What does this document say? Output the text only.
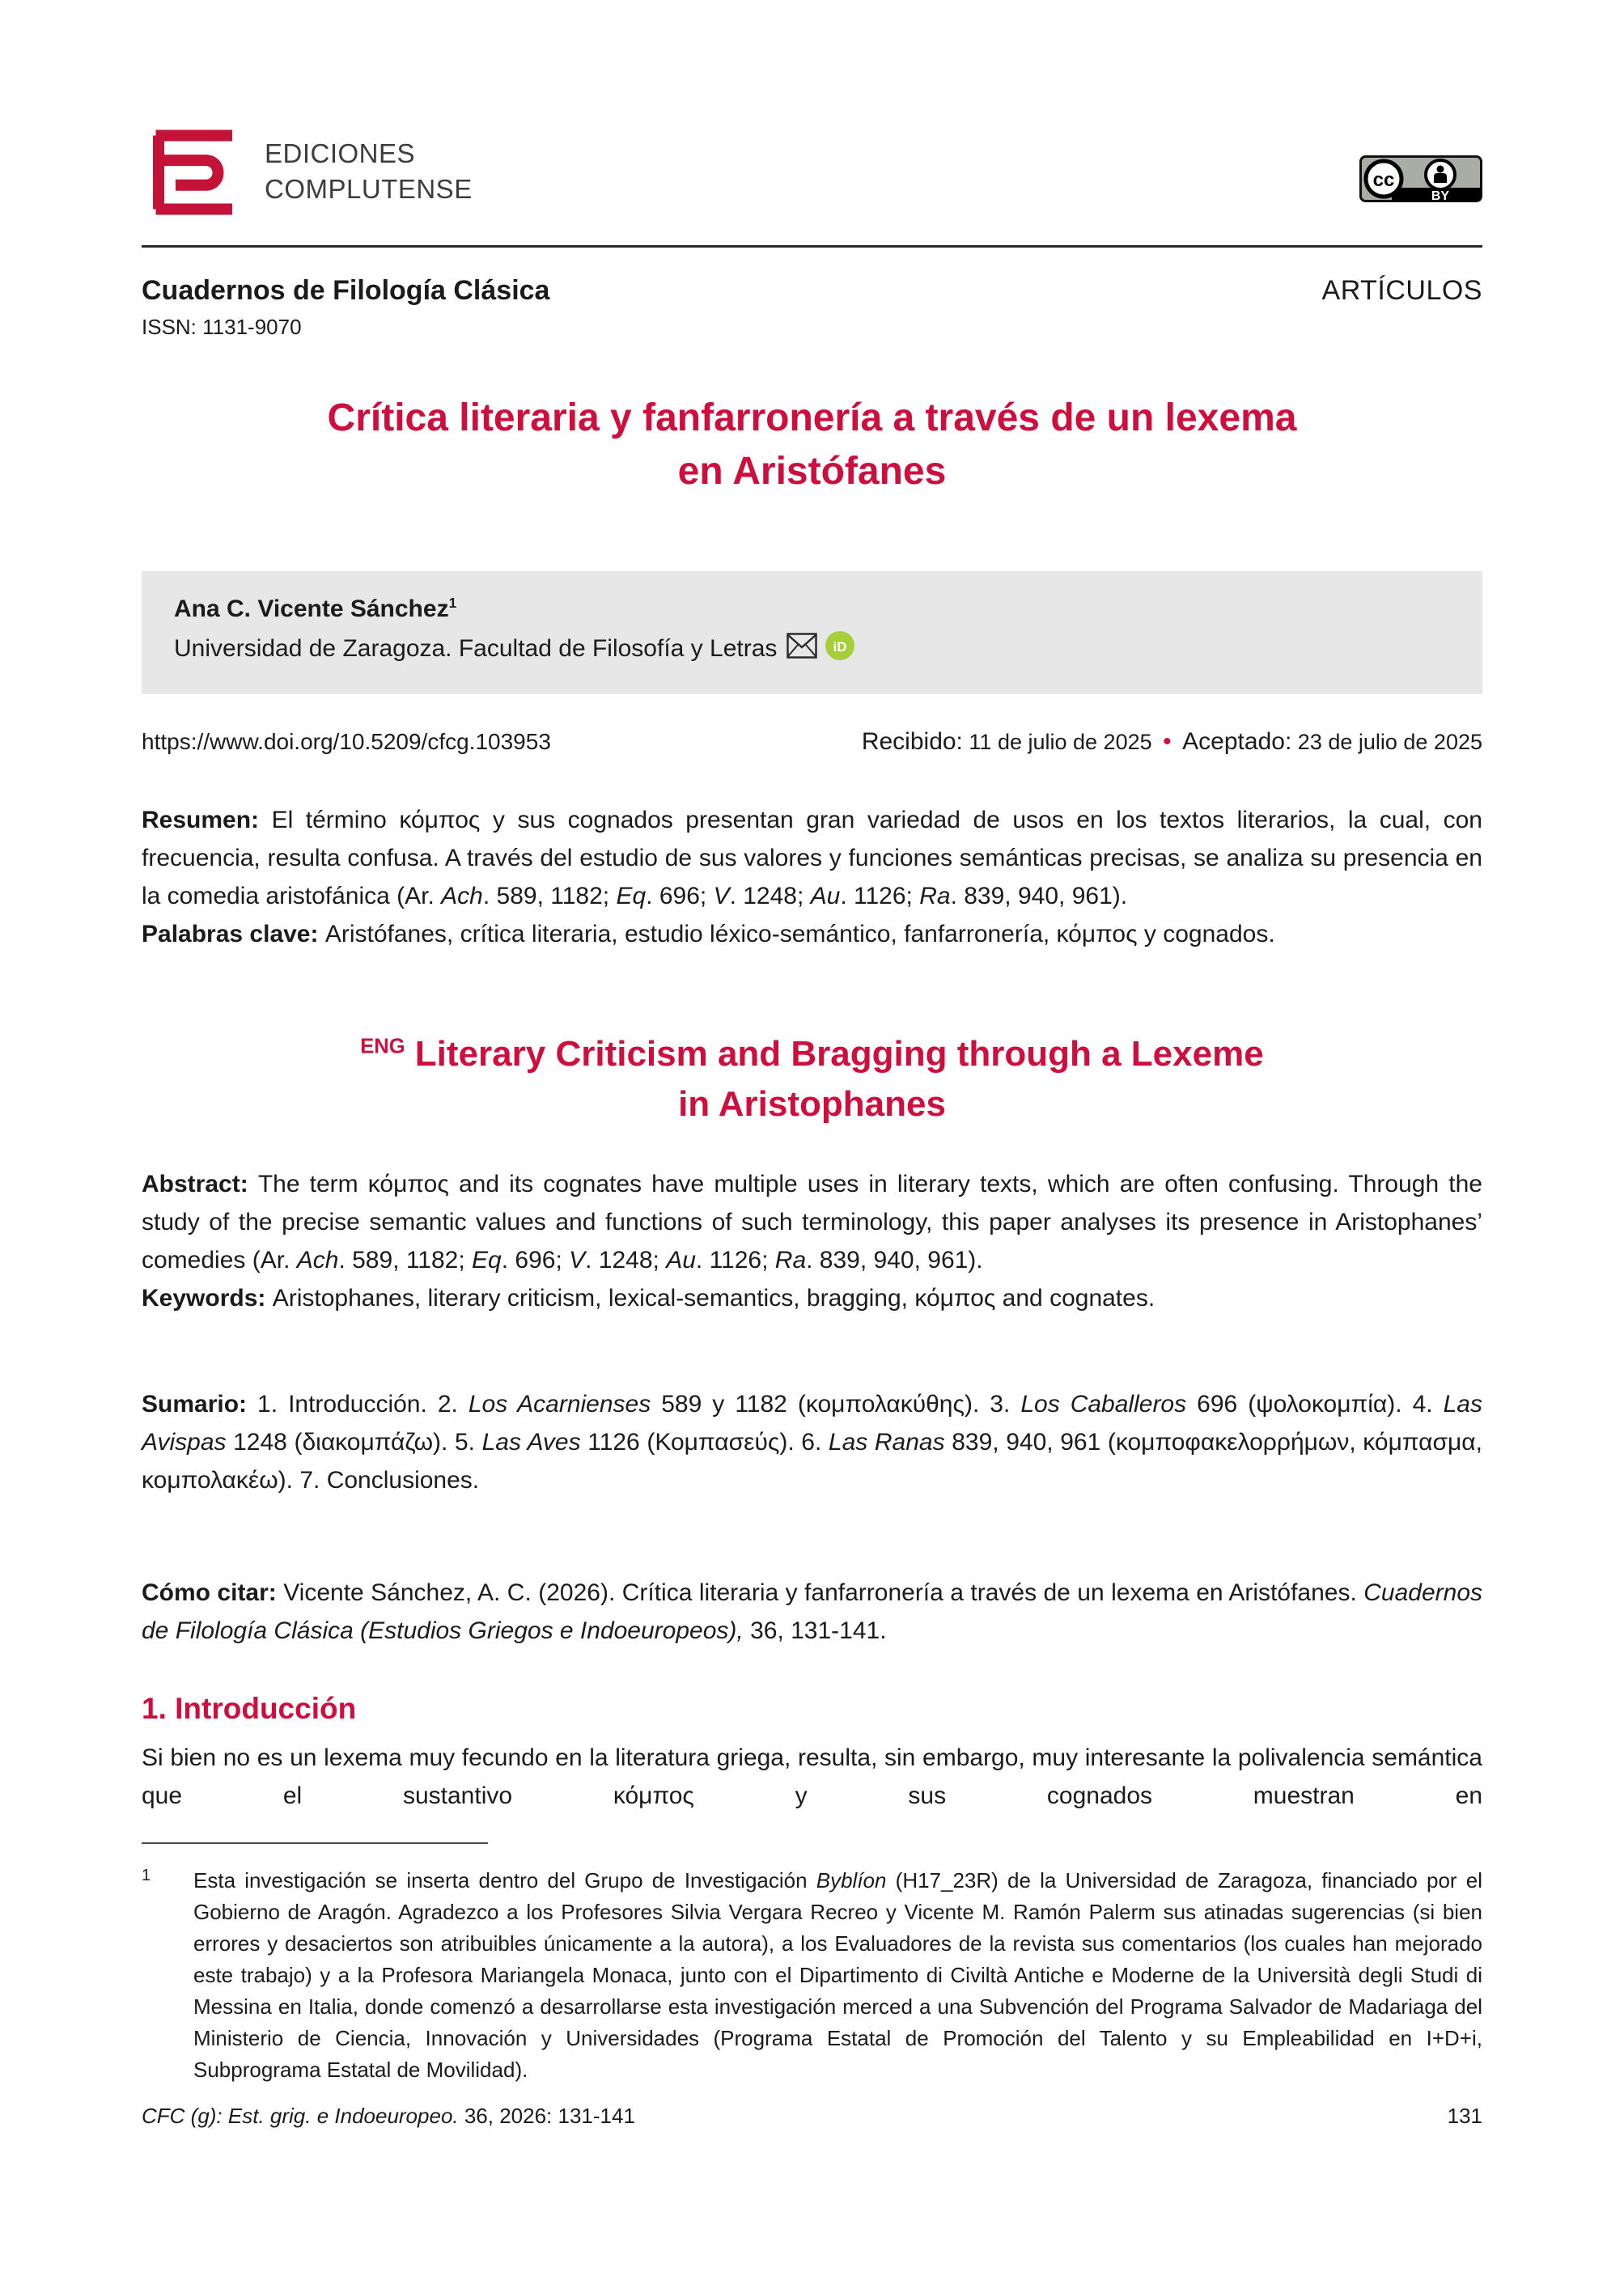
EDICIONES
COMPLUTENSE	cc
BY
Cuadernos de Filología Clásica	ARTÍCULOS
ISSN: 1131-9070
Crítica literaria y fanfarronería a través de un lexema
en Aristófanes
Ana C. Vicente Sánchez$^1$
Universidad de Zaragoza. Facultad de Filosofía y Letras	iD
https://www.doi.org/10.5209/cfcg.103953	Recibido: 11 de julio de 2025 • Aceptado: 23 de julio de 2025

Resumen: El término κόμπος y sus cognados presentan gran variedad de usos en los textos literarios, la cual, con frecuencia, resulta confusa. A través del estudio de sus valores y funciones semánticas precisas, se analiza su presencia en la comedia aristofánica (Ar. Ach. 589, 1182; Eq. 696; V. 1248; Au. 1126; Ra. 839, 940, 961).

Palabras clave: Aristófanes, crítica literaria, estudio léxico-semántico, fanfarronería, κόμπος y cognados.

$^{ENG}$ Literary Criticism and Bragging through a Lexeme
in Aristophanes

Abstract: The term κόμπος and its cognates have multiple uses in literary texts, which are often confusing. Through the study of the precise semantic values and functions of such terminology, this paper analyses its presence in Aristophanes’ comedies (Ar. Ach. 589, 1182; Eq. 696; V. 1248; Au. 1126; Ra. 839, 940, 961).

Keywords: Aristophanes, literary criticism, lexical-semantics, bragging, κόμπος and cognates.

Sumario: 1. Introducción. 2. Los Acarnienses 589 y 1182 (κομπολακύθης). 3. Los Caballeros 696 (ψολοκομπία). 4. Las Avispas 1248 (διακομπάζω). 5. Las Aves 1126 (Κομπασεύς). 6. Las Ranas 839, 940, 961 (κομποφακελορρήμων, κόμπασμα, κομπολακέω). 7. Conclusiones.

Cómo citar: Vicente Sánchez, A. C. (2026). Crítica literaria y fanfarronería a través de un lexema en Aristófanes. Cuadernos de Filología Clásica (Estudios Griegos e Indoeuropeos), 36, 131-141.

1. Introducción

Si bien no es un lexema muy fecundo en la literatura griega, resulta, sin embargo, muy interesante la polivalencia semántica que el sustantivo κόμπος y sus cognados muestran en

1	Esta investigación se inserta dentro del Grupo de Investigación Byblíon (H17_23R) de la Universidad de Zaragoza, financiado por el Gobierno de Aragón. Agradezco a los Profesores Silvia Vergara Recreo y Vicente M. Ramón Palerm sus atinadas sugerencias (si bien errores y desaciertos son atribuibles únicamente a la autora), a los Evaluadores de la revista sus comentarios (los cuales han mejorado este trabajo) y a la Profesora Mariangela Monaca, junto con el Dipartimento di Civiltà Antiche e Moderne de la Università degli Studi di Messina en Italia, donde comenzó a desarrollarse esta investigación merced a una Subvención del Programa Salvador de Madariaga del Ministerio de Ciencia, Innovación y Universidades (Programa Estatal de Promoción del Talento y su Empleabilidad en I+D+i, Subprograma Estatal de Movilidad).
CFC (g): Est. grig. e Indoeuropeo. 36, 2026: 131-141	131
